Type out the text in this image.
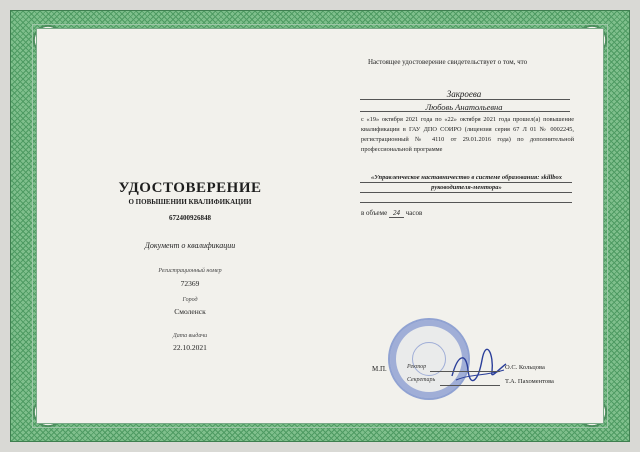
УДОСТОВЕРЕНИЕ
О ПОВЫШЕНИИ КВАЛИФИКАЦИИ
672400926848
Документ о квалификации
Регистрационный номер
72369
Город
Смоленск
Дата выдачи
22.10.2021
Настоящее удостоверение свидетельствует о том, что
Закроева
Любовь Анатольевна
с «19» октября 2021 года по «22» октября 2021 года прошел(а) повышение квалификации в ГАУ ДПО СОИРО (лицензия серия 67 Л 01 № 0002245, регистрационный № 4110 от 29.01.2016 года) по дополнительной профессиональной программе
«Управленческое наставничество в системе образования: skillbox руководителя-ментора»
в объеме 24 часов
М.П.	Ректор	О.С. Кольцова
Секретарь	Т.А. Пахоментова
